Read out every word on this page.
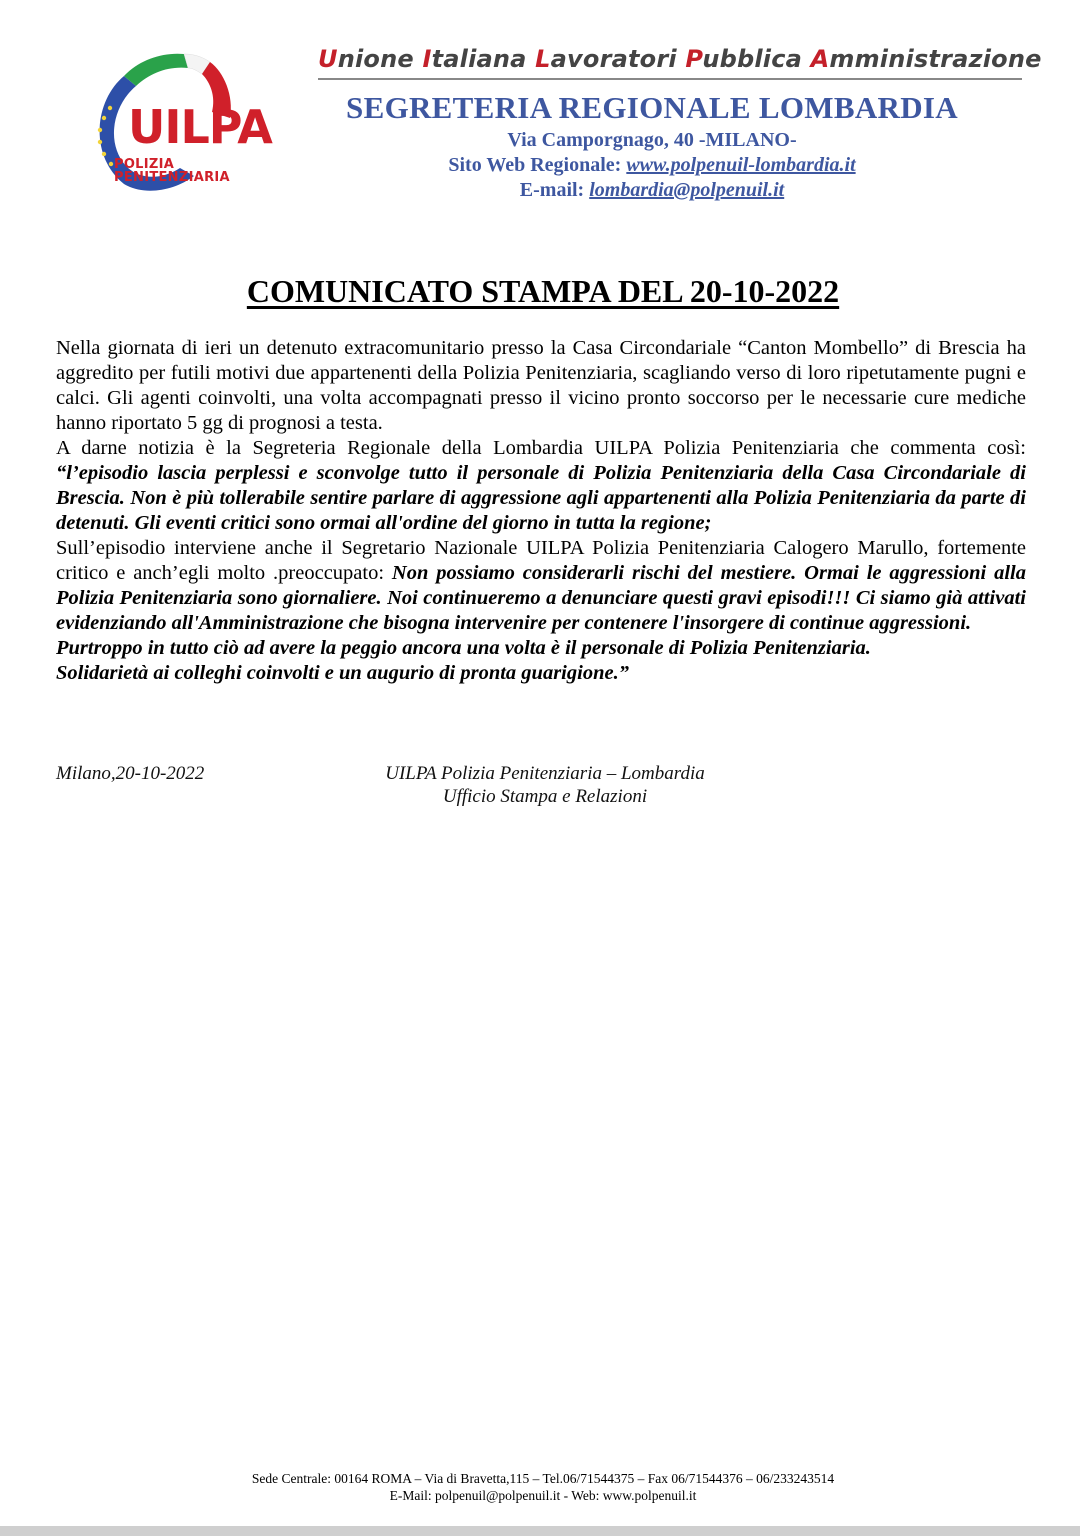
UILPA
POLIZIA PENITENZIARIA
Unione Italiana Lavoratori Pubblica Amministrazione
SEGRETERIA REGIONALE LOMBARDIA
Via Camporgnago, 40 -MILANO-
Sito Web Regionale: www.polpenuil-lombardia.it
E-mail: lombardia@polpenuil.it
COMUNICATO STAMPA DEL 20-10-2022

Nella giornata di ieri un detenuto extracomunitario presso la Casa Circondariale “Canton Mombello” di Brescia ha aggredito per futili motivi due appartenenti della Polizia Penitenziaria, scagliando verso di loro ripetutamente pugni e calci. Gli agenti coinvolti, una volta accompagnati presso il vicino pronto soccorso per le necessarie cure mediche hanno riportato 5 gg di prognosi a testa.

A darne notizia è la Segreteria Regionale della Lombardia UILPA Polizia Penitenziaria che commenta così: “l’episodio lascia perplessi e sconvolge tutto il personale di Polizia Penitenziaria della Casa Circondariale di Brescia. Non è più tollerabile sentire parlare di aggressione agli appartenenti alla Polizia Penitenziaria da parte di detenuti. Gli eventi critici sono ormai all'ordine del giorno in tutta la regione;

Sull’episodio interviene anche il Segretario Nazionale UILPA Polizia Penitenziaria Calogero Marullo, fortemente critico e anch’egli molto .preoccupato: Non possiamo considerarli rischi del mestiere. Ormai le aggressioni alla Polizia Penitenziaria sono giornaliere. Noi continueremo a denunciare questi gravi episodi!!! Ci siamo già attivati evidenziando all'Amministrazione che bisogna intervenire per contenere l'insorgere di continue aggressioni.

Purtroppo in tutto ciò ad avere la peggio ancora una volta è il personale di Polizia Penitenziaria.

Solidarietà ai colleghi coinvolti e un augurio di pronta guarigione.”

Milano,20-10-2022	UILPA Polizia Penitenziaria – Lombardia
Ufficio Stampa e Relazioni
Sede Centrale: 00164 ROMA – Via di Bravetta,115 – Tel.06/71544375 – Fax 06/71544376 – 06/233243514
E-Mail: polpenuil@polpenuil.it - Web: www.polpenuil.it
